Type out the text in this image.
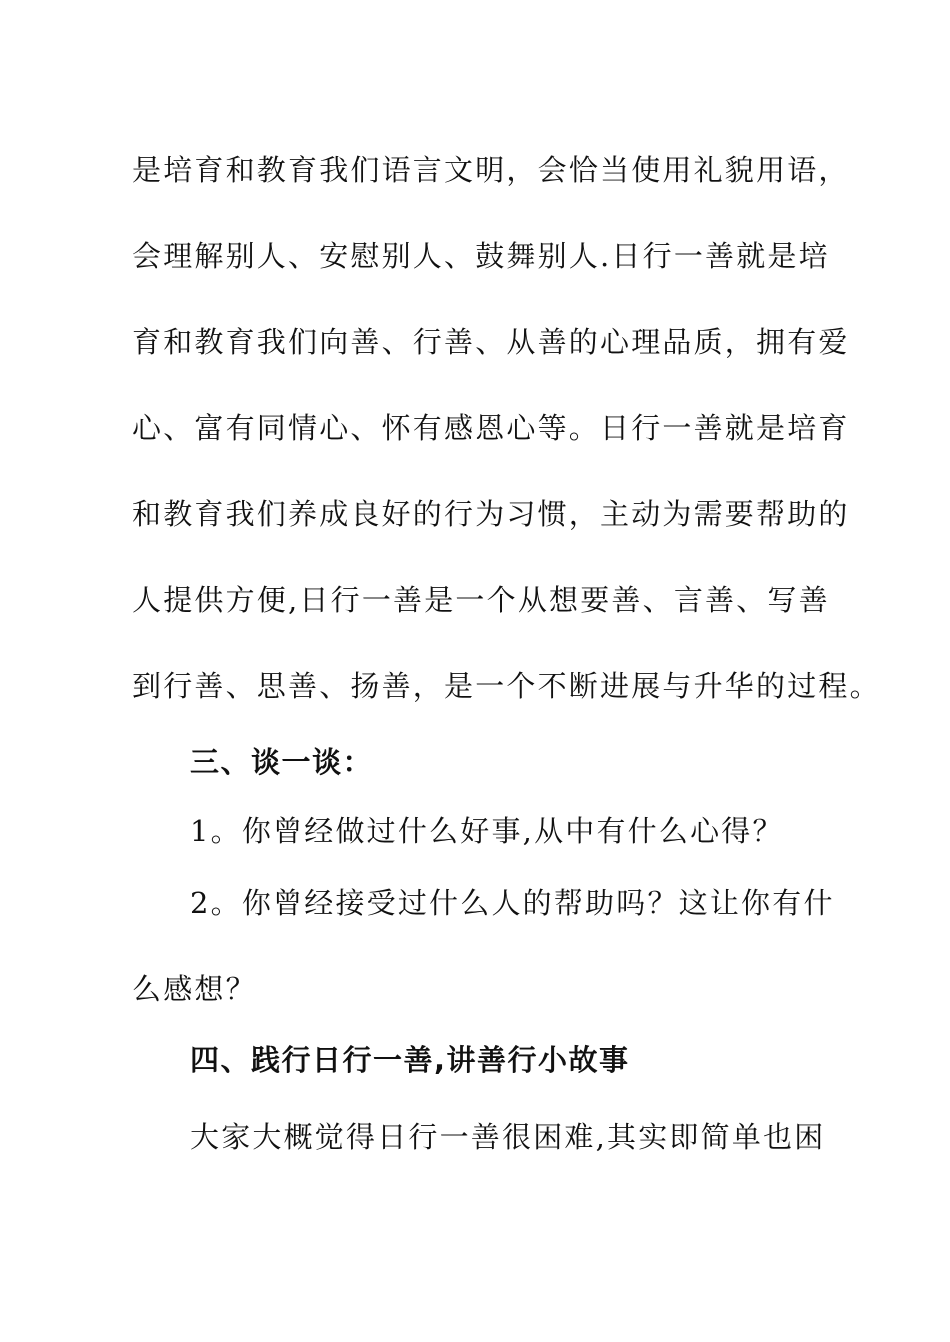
是培育和教育我们语言文明，会恰当使用礼貌用语，
会理解别人、安慰别人、鼓舞别人.日行一善就是培
育和教育我们向善、行善、从善的心理品质，拥有爱
心、富有同情心、怀有感恩心等。日行一善就是培育
和教育我们养成良好的行为习惯，主动为需要帮助的
人提供方便,日行一善是一个从想要善、言善、写善
到行善、思善、扬善，是一个不断进展与升华的过程。
三、谈一谈：
1。你曾经做过什么好事,从中有什么心得？
2。你曾经接受过什么人的帮助吗？这让你有什
么感想？
四、践行日行一善,讲善行小故事
大家大概觉得日行一善很困难,其实即简单也困
